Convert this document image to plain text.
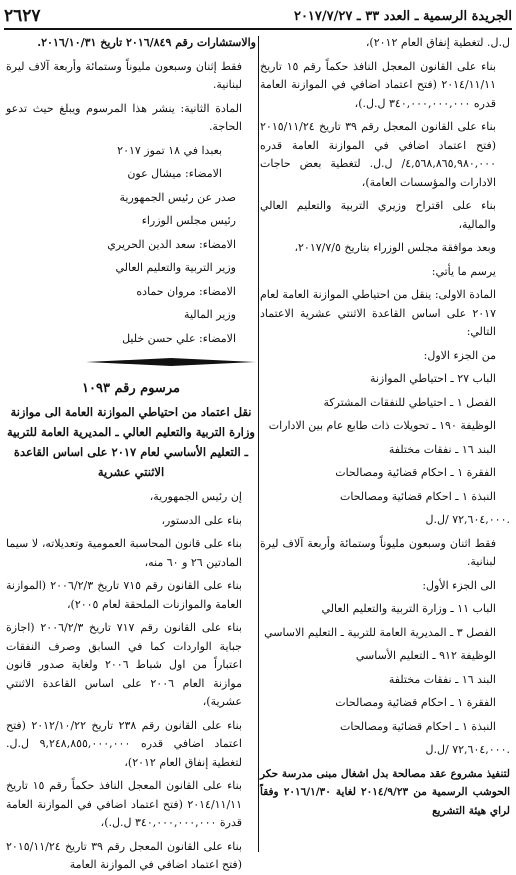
الجريدة الرسمية ـ العدد ٣٣ ـ ٢٠١٧/٧/٢٧
٢٦٢٧

ل.ل. لتغطية إنفاق العام ٢٠١٢)،

بناء على القانون المعجل النافذ حكماً رقم ١٥ تاريخ ٢٠١٤/١١/١١ (فتح اعتماد اضافي في الموازنة العامة قدره ٣٤٠,٠٠٠,٠٠٠,٠٠٠ ل.ل.)،

بناء على القانون المعجل رقم ٣٩ تاريخ ٢٠١٥/١١/٢٤ (فتح اعتماد اضافي في الموازنة العامة قدره ٤,٥٦٨,٨٦٥,٩٨٠,٠٠٠/ ل.ل. لتغطية بعض حاجات الادارات والمؤسسات العامة)،

بناء على اقتراح وزيري التربية والتعليم العالي والمالية،

وبعد موافقة مجلس الوزراء بتاريخ ٢٠١٧/٧/٥،

يرسم ما يأتي:

المادة الاولى: ينقل من احتياطي الموازنة العامة لعام ٢٠١٧ على اساس القاعدة الاثنتي عشرية الاعتماد التالي:

من الجزء الاول:

الباب ٢٧ ـ احتياطي الموازنة

الفصل ١ ـ احتياطي للنفقات المشتركة

الوظيفة ١٩٠ ـ تحويلات ذات طابع عام بين الادارات

البند ١٦ ـ نفقات مختلفة

الفقرة ١ ـ احكام قضائية ومصالحات

النبذة ١ ـ احكام قضائية ومصالحات

٧٢,٦٠٤,٠٠٠ /ل.ل.

فقط اثنان وسبعون مليوناً وستمائة وأربعة آلاف ليرة لبنانية.

الى الجزء الأول:

الباب ١١ ـ وزارة التربية والتعليم العالي

الفصل ٣ ـ المديرية العامة للتربية ـ التعليم الاساسي

الوظيفة ٩١٢ ـ التعليم الأساسي

البند ١٦ ـ نفقات مختلفة

الفقرة ١ ـ احكام قضائية ومصالحات

النبذة ١ ـ احكام قضائية ومصالحات

٧٢,٦٠٤,٠٠٠ /ل.ل.

لتنفيذ مشروع عقد مصالحة بدل اشغال مبنى مدرسة حكر الحوشب الرسمية من ٢٠١٤/٩/٢٣ لغاية ٢٠١٦/١/٣٠ وفقاً لراي هيئة التشريع

والاستشارات رقم ٢٠١٦/٨٤٩ تاريخ ٢٠١٦/١٠/٣١.

فقط إثنان وسبعون مليوناً وستمائة وأربعة آلاف ليرة لبنانية.

المادة الثانية: ينشر هذا المرسوم ويبلغ حيث تدعو الحاجة.

بعبدا في ١٨ تموز ٢٠١٧

الامضاء: ميشال عون

صدر عن رئيس الجمهورية

رئيس مجلس الوزراء

الامضاء: سعد الدين الحريري

وزير التربية والتعليم العالي

الامضاء: مروان حماده

وزير المالية

الامضاء: علي حسن خليل

مرسوم رقم ١٠٩٣
نقل اعتماد من احتياطي الموازنة العامة الى موازنة وزارة التربية والتعليم العالي ـ المديرية العامة للتربية ـ التعليم الأساسي لعام ٢٠١٧ على اساس القاعدة الاثنتي عشرية

إن رئيس الجمهورية،

بناء على الدستور،

بناء على قانون المحاسبة العمومية وتعديلاته، لا سيما المادتين ٢٦ و ٦٠ منه،

بناء على القانون رقم ٧١٥ تاريخ ٢٠٠٦/٢/٣ (الموازنة العامة والموازنات الملحقة لعام ٢٠٠٥)،

بناء على القانون رقم ٧١٧ تاريخ ٢٠٠٦/٢/٣ (اجازة جباية الواردات كما في السابق وصرف النفقات اعتباراً من اول شباط ٢٠٠٦ ولغاية صدور قانون موازنة العام ٢٠٠٦ على اساس القاعدة الاثنتي عشرية)،

بناء على القانون رقم ٢٣٨ تاريخ ٢٠١٢/١٠/٢٢ (فتح اعتماد اضافي قدره ٩,٢٤٨,٨٥٥,٠٠٠,٠٠٠ ل.ل. لتغطية إنفاق العام ٢٠١٢)،

بناء على القانون المعجل النافذ حكماً رقم ١٥ تاريخ ٢٠١٤/١١/١١ (فتح اعتماد اضافي في الموازنة العامة قدرة ٣٤٠,٠٠٠,٠٠٠,٠٠٠ ل.ل.)،

بناء على القانون المعجل رقم ٣٩ تاريخ ٢٠١٥/١١/٢٤ (فتح اعتماد اضافي في الموازنة العامة
